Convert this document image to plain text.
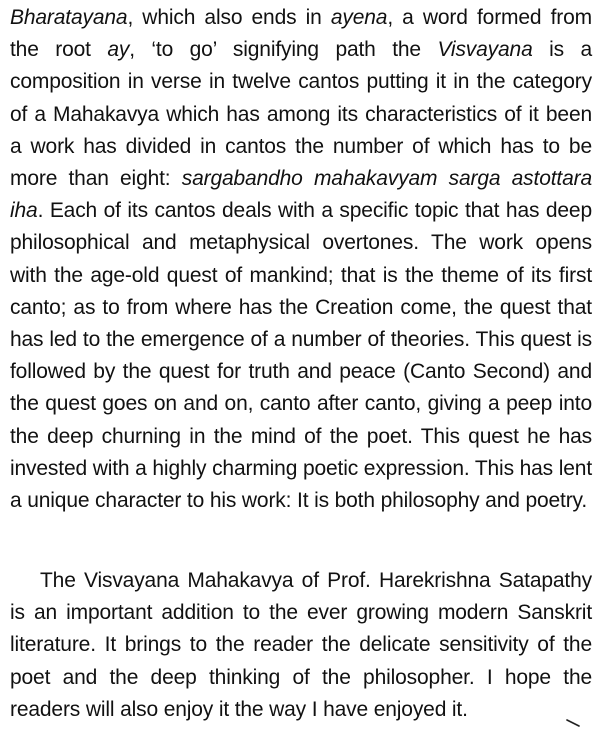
Bharatayana, which also ends in ayena, a word formed from the root ay, ‘to go’ signifying path the Visvayana is a composition in verse in twelve cantos putting it in the category of a Mahakavya which has among its characteristics of it been a work has divided in cantos the number of which has to be more than eight: sargabandho mahakavyam sarga astottara iha. Each of its cantos deals with a specific topic that has deep philosophical and metaphysical overtones. The work opens with the age-old quest of mankind; that is the theme of its first canto; as to from where has the Creation come, the quest that has led to the emergence of a number of theories. This quest is followed by the quest for truth and peace (Canto Second) and the quest goes on and on, canto after canto, giving a peep into the deep churning in the mind of the poet. This quest he has invested with a highly charming poetic expression. This has lent a unique character to his work: It is both philosophy and poetry.

The Visvayana Mahakavya of Prof. Harekrishna Satapathy is an important addition to the ever growing modern Sanskrit literature. It brings to the reader the delicate sensitivity of the poet and the deep thinking of the philosopher. I hope the readers will also enjoy it the way I have enjoyed it.
